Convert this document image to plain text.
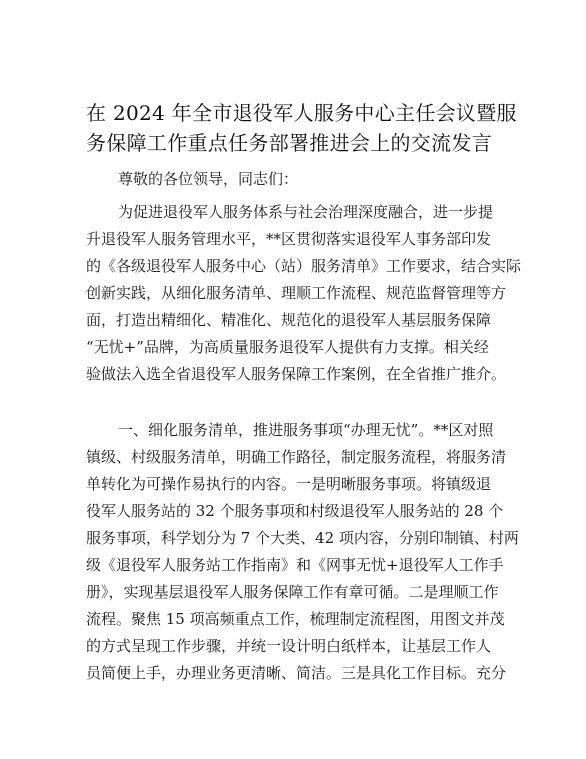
在 2024 年全市退役军人服务中心主任会议暨服
务保障工作重点任务部署推进会上的交流发言
尊敬的各位领导，同志们：
为促进退役军人服务体系与社会治理深度融合，进一步提
升退役军人服务管理水平，**区贯彻落实退役军人事务部印发
的《各级退役军人服务中心（站）服务清单》工作要求，结合实际
创新实践，从细化服务清单、理顺工作流程、规范监督管理等方
面，打造出精细化、精准化、规范化的退役军人基层服务保障
“无忧+”品牌，为高质量服务退役军人提供有力支撑。相关经
验做法入选全省退役军人服务保障工作案例，在全省推广推介。
一、细化服务清单，推进服务事项“办理无忧”。**区对照
镇级、村级服务清单，明确工作路径，制定服务流程，将服务清
单转化为可操作易执行的内容。一是明晰服务事项。将镇级退
役军人服务站的 32 个服务事项和村级退役军人服务站的 28 个
服务事项，科学划分为 7 个大类、42 项内容，分别印制镇、村两
级《退役军人服务站工作指南》和《网事无忧+退役军人工作手
册》，实现基层退役军人服务保障工作有章可循。二是理顺工作
流程。聚焦 15 项高频重点工作，梳理制定流程图，用图文并茂
的方式呈现工作步骤，并统一设计明白纸样本，让基层工作人
员简便上手，办理业务更清晰、简洁。三是具化工作目标。充分
